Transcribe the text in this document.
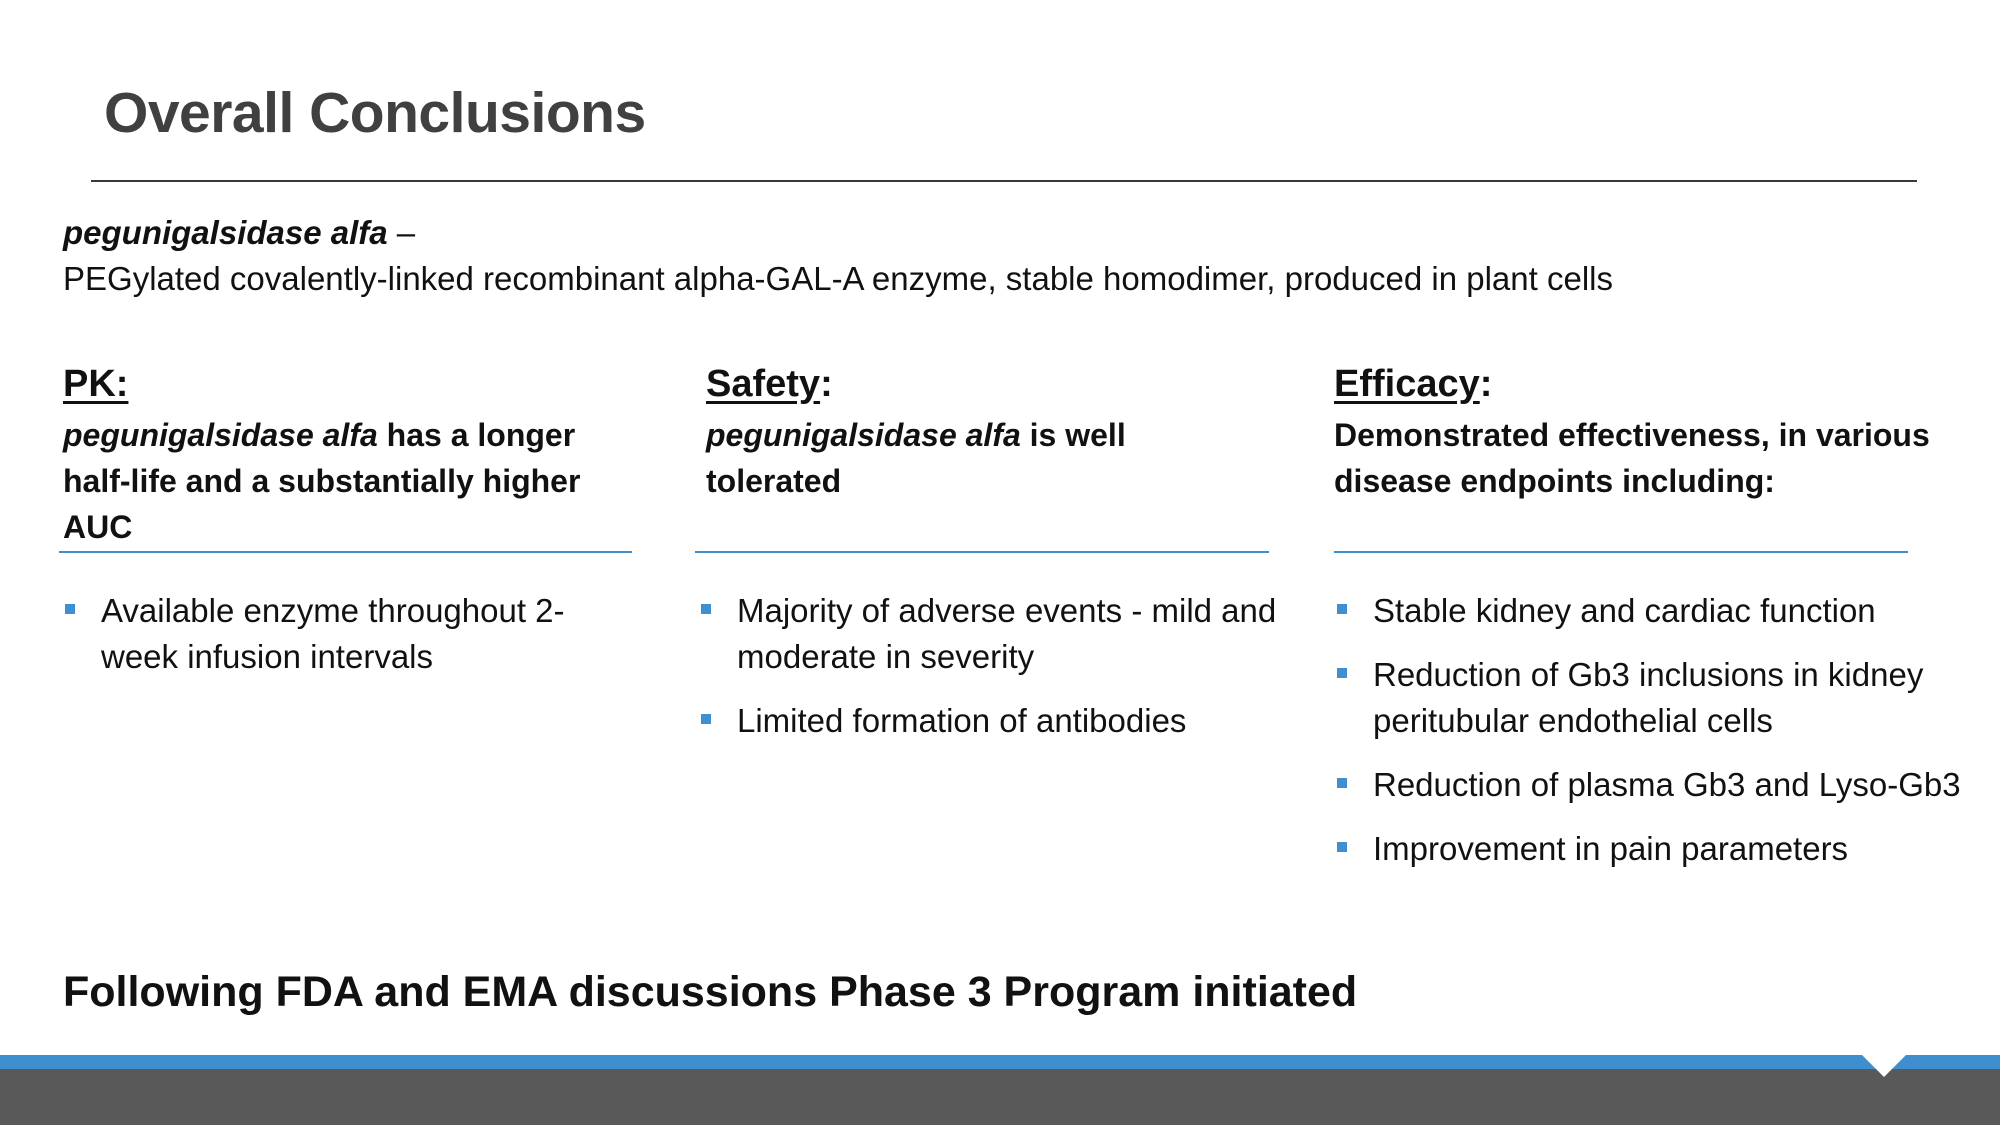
Overall Conclusions
pegunigalsidase alfa –
PEGylated covalently-linked recombinant alpha-GAL-A enzyme, stable homodimer, produced in plant cells
PK:
pegunigalsidase alfa has a longer half-life and a substantially higher AUC
Available enzyme throughout 2-week infusion intervals
Safety:
pegunigalsidase alfa is well tolerated
Majority of adverse events - mild and moderate in severity
Limited formation of antibodies
Efficacy:
Demonstrated effectiveness, in various disease endpoints including:
Stable kidney and cardiac function
Reduction of Gb3 inclusions in kidney peritubular endothelial cells
Reduction of plasma Gb3 and Lyso-Gb3
Improvement in pain parameters
Following FDA and EMA discussions Phase 3 Program initiated
